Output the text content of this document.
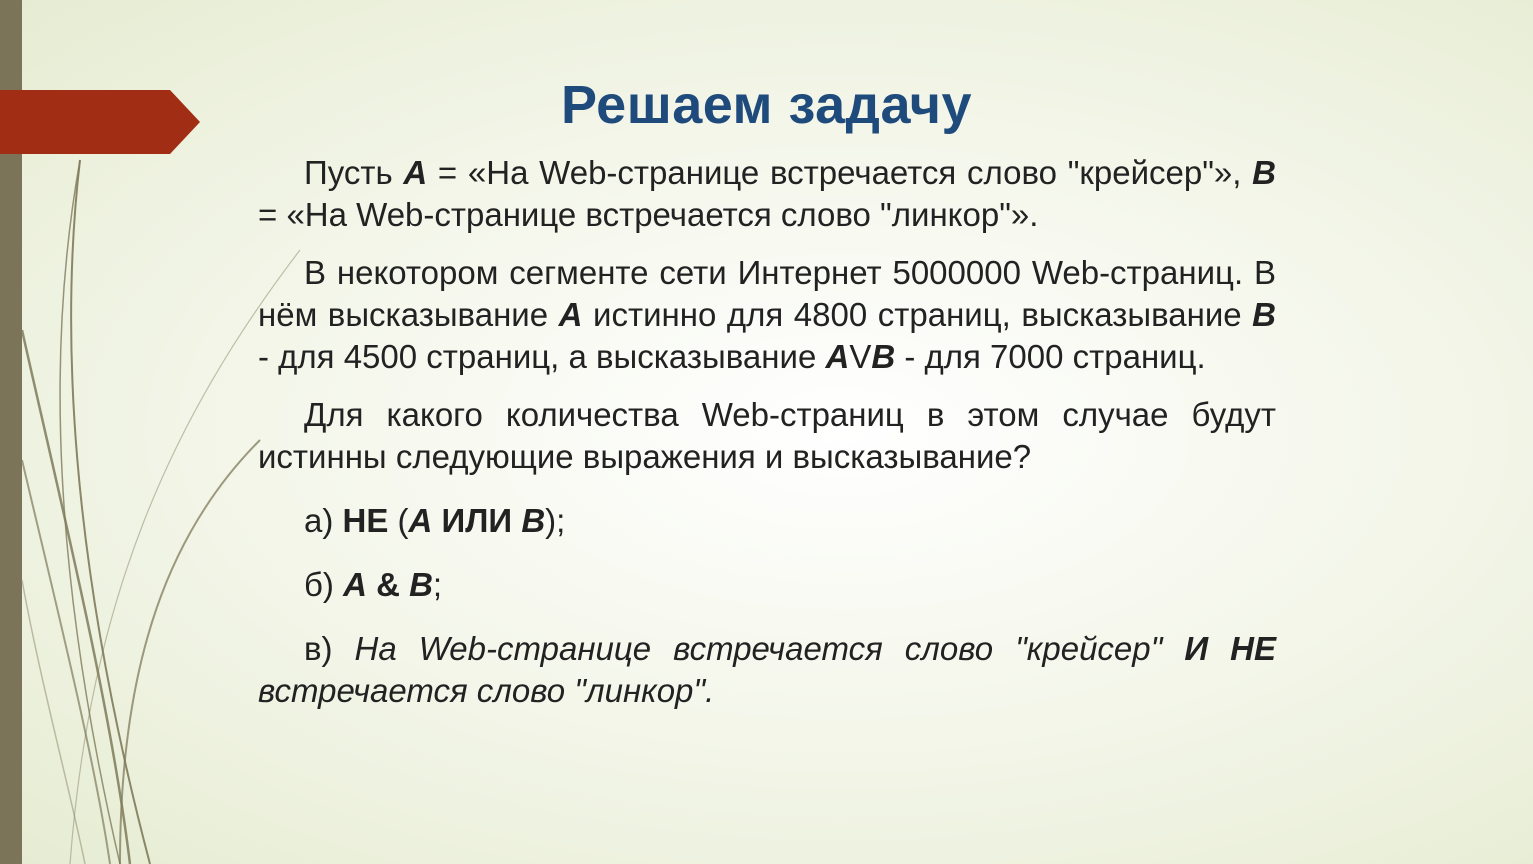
Решаем задачу

Пусть A = «На Web-странице встречается слово "крейсер"», B = «На Web-странице встречается слово "линкор"».

В некотором сегменте сети Интернет 5000000 Web-страниц. В нём высказывание A истинно для 4800 страниц, высказывание B - для 4500 страниц, а высказывание AVB - для 7000 страниц.

Для какого количества Web-страниц в этом случае будут истинны следующие выражения и высказывание?

а) НЕ (A ИЛИ B);
б) A & B;
в) На Web-странице встречается слово "крейсер" И НЕ встречается слово "линкор".
